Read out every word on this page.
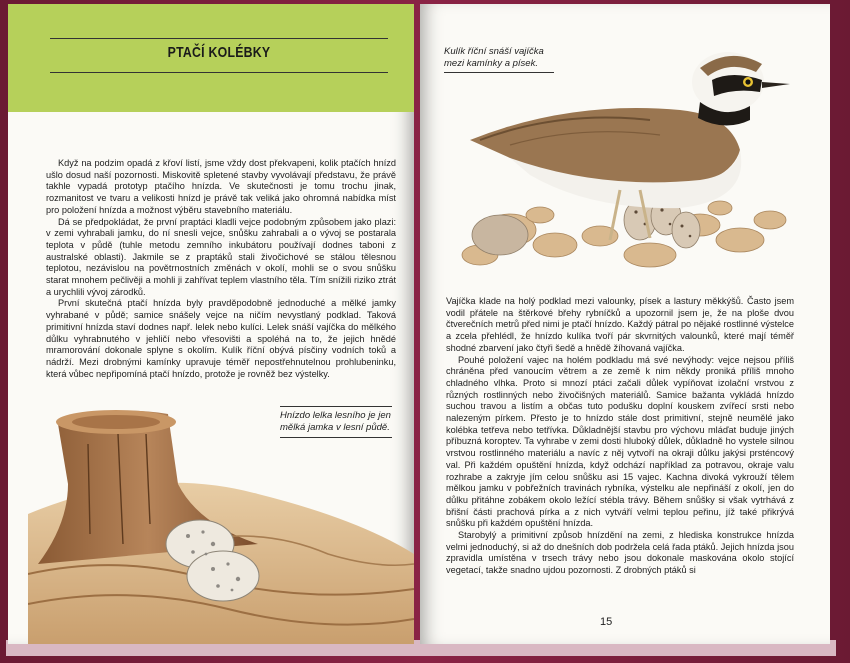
PTAČÍ KOLÉBKY

Když na podzim opadá z křoví listí, jsme vždy dost překvapeni, kolik ptačích hnízd ušlo dosud naší pozornosti. Miskovitě spletené stavby vyvolávají představu, že právě takhle vypadá prototyp ptačího hnízda. Ve skutečnosti je tomu trochu jinak, rozmanitost ve tvaru a velikosti hnízd je právě tak veliká jako ohromná nabídka míst pro položení hnízda a možnost výběru stavebního materiálu.

Dá se předpokládat, že první praptáci kladli vejce podobným způsobem jako plazi: v zemi vyhrabali jamku, do ní snesli vejce, snůšku zahrabali a o vývoj se postarala teplota v půdě (tuhle metodu zemního inkubátoru používají dodnes taboni z australské oblasti). Jakmile se z praptáků stali živočichové se stálou tělesnou teplotou, nezávislou na povětrnostních změnách v okolí, mohli se o svou snůšku starat mnohem pečlivěji a mohli ji zahřívat teplem vlastního těla. Tím snížili riziko ztrát a urychlili vývoj zárodků.

První skutečná ptačí hnízda byly pravděpodobně jednoduché a mělké jamky vyhrabané v půdě; samice snášely vejce na ničím nevystlaný podklad. Taková primitivní hnízda staví dodnes např. lelek nebo kulíci. Lelek snáší vajíčka do mělkého důlku vyhrabnutého v jehličí nebo vřesovišti a spoléhá na to, že jejich hnědé mramorování dokonale splyne s okolím. Kulík říční obývá písčiny vodních toků a nádrží. Mezi drobnými kamínky upravuje téměř nepostřehnutelnou prohlubeninku, která vůbec nepřipomíná ptačí hnízdo, protože je rovněž bez výstelky.

Hnízdo lelka lesního je jen mělká jamka v lesní půdě.
Kulík říční snáší vajíčka mezi kamínky a písek.

Vajíčka klade na holý podklad mezi valounky, písek a lastury měkkýšů. Často jsem vodil přátele na štěrkové břehy rybníčků a upozornil jsem je, že na ploše dvou čtverečních metrů před nimi je ptačí hnízdo. Každý pátral po nějaké rostlinné výstelce a zcela přehlédl, že hnízdo kulíka tvoří pár skvrnitých valounků, které mají téměř shodné zbarvení jako čtyři šedě a hnědě žíhovaná vajíčka.

Pouhé položení vajec na holém podkladu má své nevýhody: vejce nejsou příliš chráněna před vanoucím větrem a ze země k nim někdy proniká příliš mnoho chladného vlhka. Proto si mnozí ptáci začali důlek vypíňovat izolační vrstvou z různých rostlinných nebo živočišných materiálů. Samice bažanta vykládá hnízdo suchou travou a listím a občas tuto podušku doplní kouskem zvířecí srsti nebo nalezeným pírkem. Přesto je to hnízdo stále dost primitivní, stejně neumělé jako kolébka tetřeva nebo tetřívka. Důkladnější stavbu pro výchovu mláďat buduje jiných příbuzná koroptev. Ta vyhrabe v zemi dosti hluboký důlek, důkladně ho vystele silnou vrstvou rostlinného materiálu a navíc z něj vytvoří na okraji důlku jakýsi prsténcový val. Při každém opuštění hnízda, když odchází například za potravou, okraje valu rozhrabe a zakryje jím celou snůšku asi 15 vajec. Kachna divoká vykrouží tělem mělkou jamku v pobřežních travinách rybníka, výstelku ale nepřináší z okolí, jen do důlku přitáhne zobákem okolo ležící stébla trávy. Během snůšky si však vytrhává z břišní části prachová pírka a z nich vytváří velmi teplou peřinu, jíž také přikrývá snůšku při každém opuštění hnízda.

Starobylý a primitivní způsob hnízdění na zemi, z hlediska konstrukce hnízda velmi jednoduchý, si až do dnešních dob podržela celá řada ptáků. Jejich hnízda jsou zpravidla umístěna v trsech trávy nebo jsou dokonale maskována okolo stojící vegetací, takže snadno ujdou pozornosti. Z drobných ptáků si

15
